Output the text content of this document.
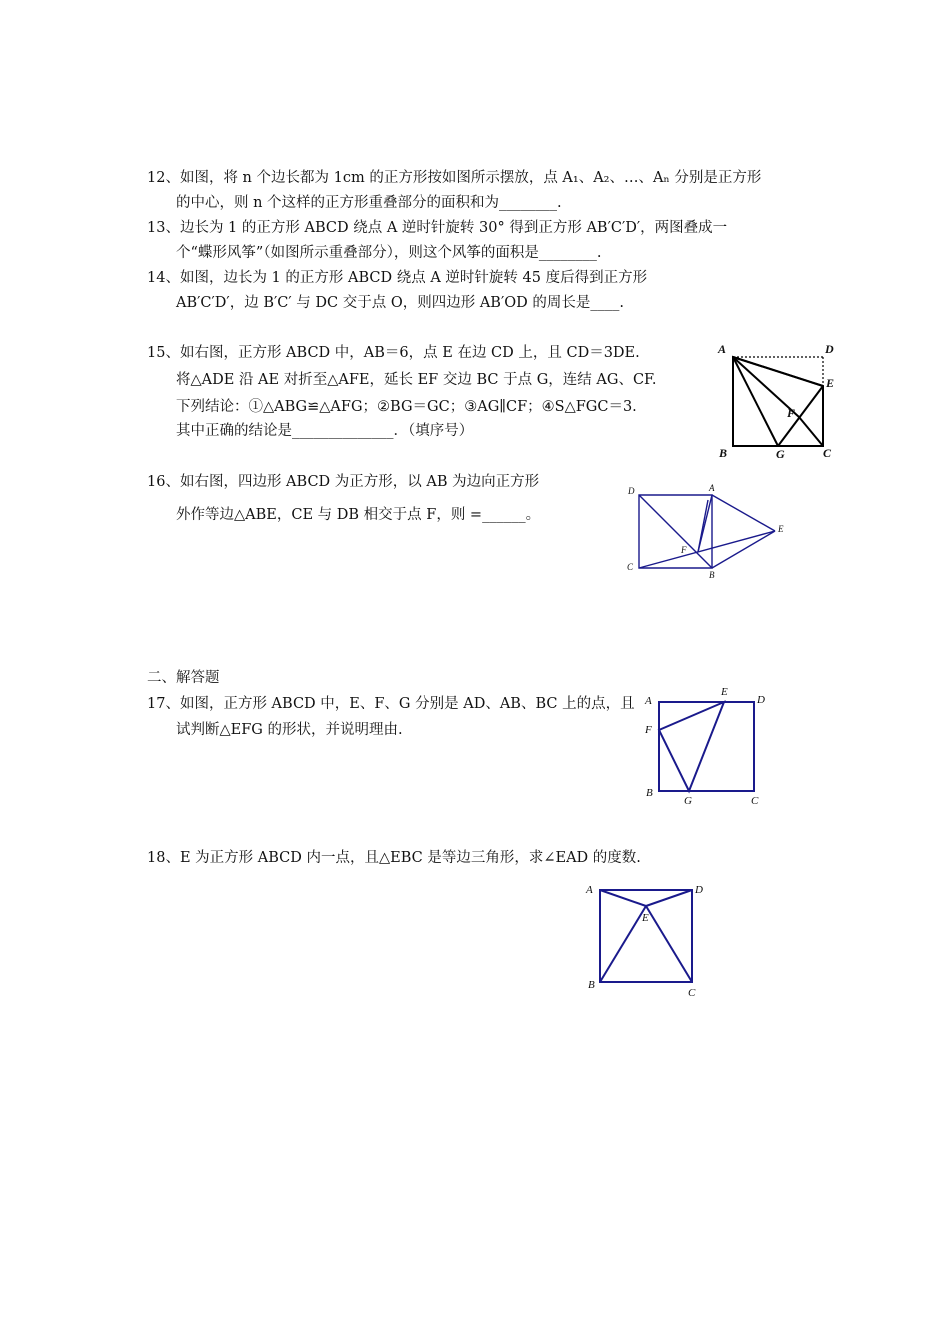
12、如图，将 n 个边长都为 1cm 的正方形按如图所示摆放，点 A₁、A₂、…、Aₙ 分别是正方形
的中心，则 n 个这样的正方形重叠部分的面积和为________.
13、边长为 1 的正方形 ABCD 绕点 A 逆时针旋转 30° 得到正方形 AB′C′D′，两图叠成一
个“蝶形风筝”（如图所示重叠部分），则这个风筝的面积是________.
14、如图，边长为 1 的正方形 ABCD 绕点 A 逆时针旋转 45 度后得到正方形
AB′C′D′，边 B′C′ 与 DC 交于点 O，则四边形 AB′OD 的周长是____.
15、如右图，正方形 ABCD 中，AB＝6，点 E 在边 CD 上，且 CD＝3DE.
将△ADE 沿 AE 对折至△AFE，延长 EF 交边 BC 于点 G，连结 AG、CF.
下列结论：①△ABG≌△AFG；②BG＝GC；③AG∥CF；④S△FGC＝3.
其中正确的结论是______________．（填序号）
A	D
E
F
B	G	C
16、如右图，四边形 ABCD 为正方形，以 AB 为边向正方形
外作等边△ABE，CE 与 DB 相交于点 F，则 =______。
D	A
E
F
C
B
二、解答题
17、如图，正方形 ABCD 中，E、F、G 分别是 AD、AB、BC 上的点，且
试判断△EFG 的形状，并说明理由.
A
E
D
F
B
G	C
18、E 为正方形 ABCD 内一点，且△EBC 是等边三角形，求∠EAD 的度数.
A	D
E
B
C
